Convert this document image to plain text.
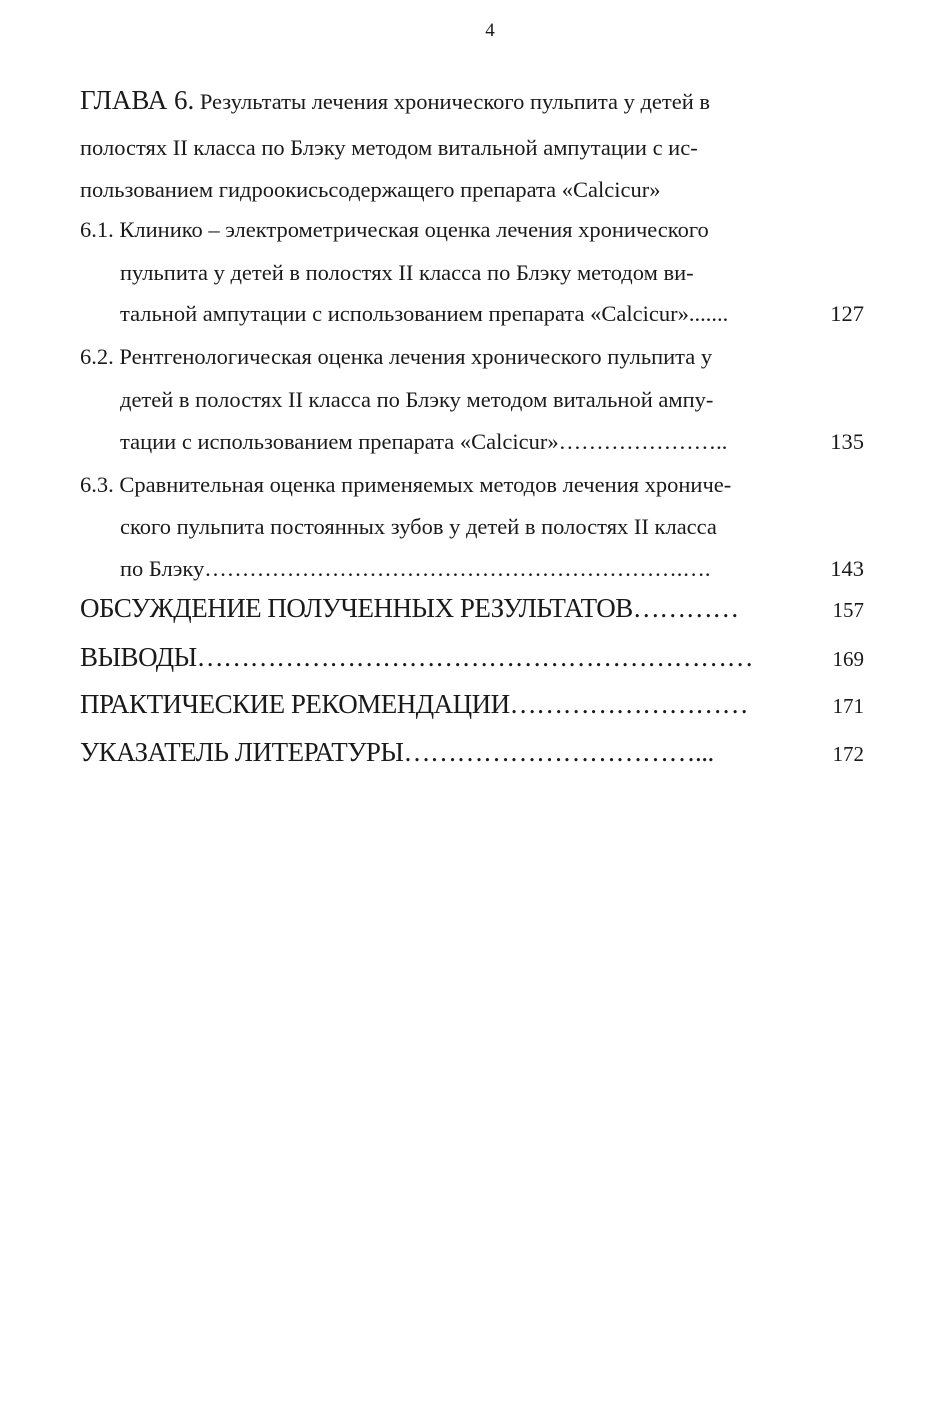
4
ГЛАВА 6. Результаты лечения хронического пульпита у детей в
полостях II класса по Блэку методом витальной ампутации с ис-
пользованием гидроокисьсодержащего препарата «Calcicur»
6.1. Клинико – электрометрическая оценка лечения хронического
пульпита у детей в полостях II класса по Блэку методом ви-
тальной ампутации с использованием препарата «Calcicur».......	127
6.2. Рентгенологическая оценка лечения хронического пульпита у
детей в полостях II класса по Блэку методом витальной ампу-
тации с использованием препарата «Calcicur»…………………..	135
6.3. Сравнительная оценка применяемых методов лечения хрониче-
ского пульпита постоянных зубов у детей в полостях II класса
по Блэку……………………………………………………….….	143
ОБСУЖДЕНИЕ ПОЛУЧЕННЫХ РЕЗУЛЬТАТОВ…………	157
ВЫВОДЫ………………………………………………………	169
ПРАКТИЧЕСКИЕ РЕКОМЕНДАЦИИ………………………	171
УКАЗАТЕЛЬ ЛИТЕРАТУРЫ……………………………...	172
